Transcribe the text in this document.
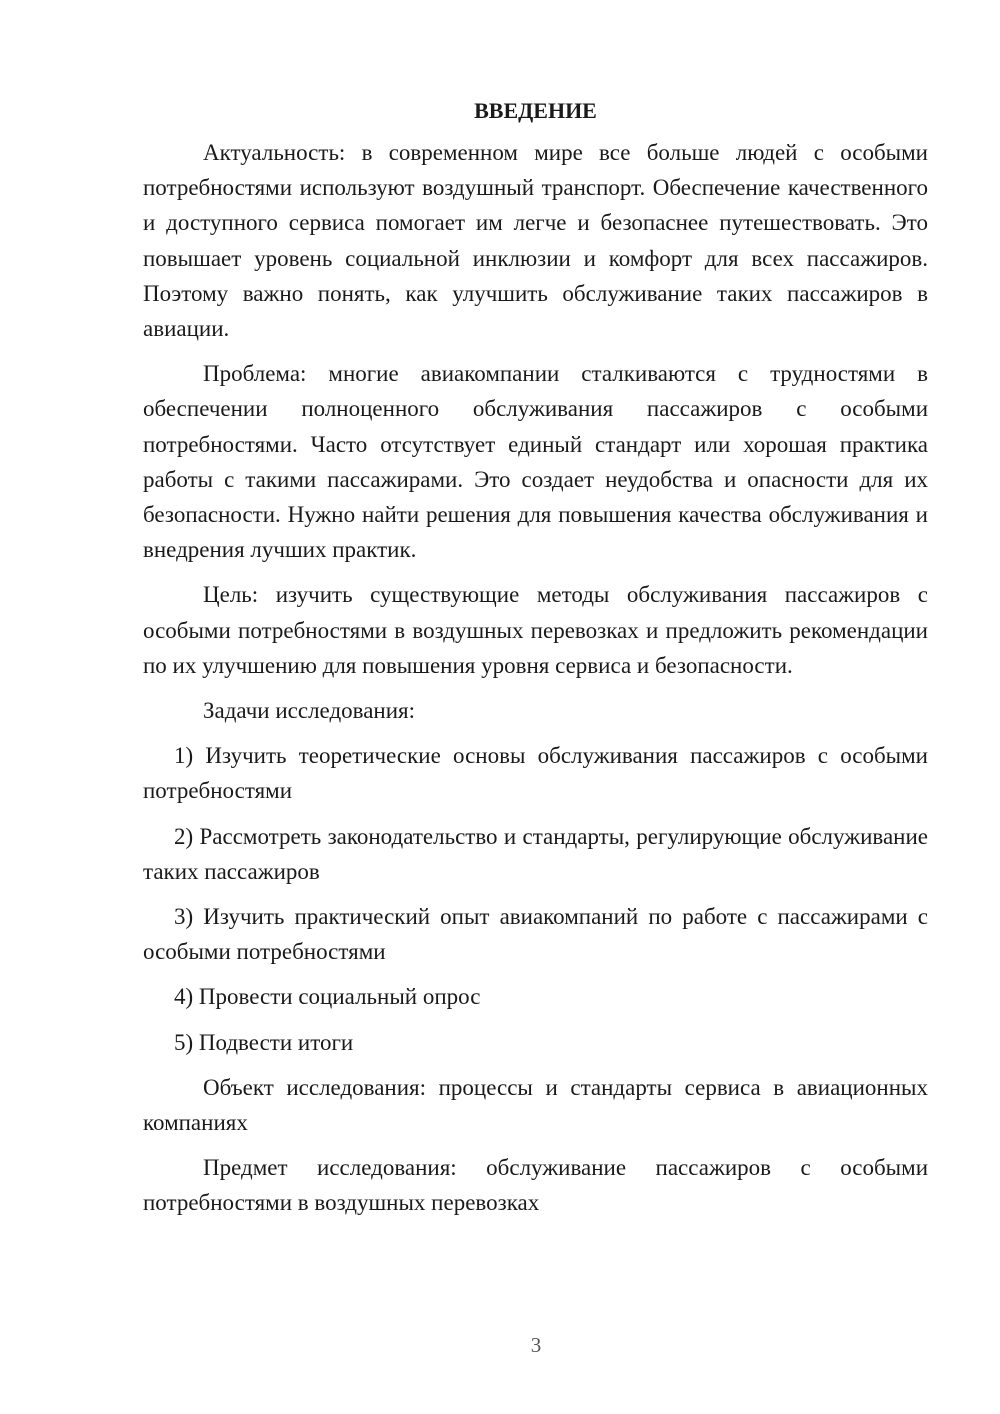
ВВЕДЕНИЕ

Актуальность: в современном мире все больше людей с особыми потребностями используют воздушный транспорт. Обеспечение качественного и доступного сервиса помогает им легче и безопаснее путешествовать. Это повышает уровень социальной инклюзии и комфорт для всех пассажиров. Поэтому важно понять, как улучшить обслуживание таких пассажиров в авиации.

Проблема: многие авиакомпании сталкиваются с трудностями в обеспечении полноценного обслуживания пассажиров с особыми потребностями. Часто отсутствует единый стандарт или хорошая практика работы с такими пассажирами. Это создает неудобства и опасности для их безопасности. Нужно найти решения для повышения качества обслуживания и внедрения лучших практик.

Цель: изучить существующие методы обслуживания пассажиров с особыми потребностями в воздушных перевозках и предложить рекомендации по их улучшению для повышения уровня сервиса и безопасности.

Задачи исследования:

1) Изучить теоретические основы обслуживания пассажиров с особыми потребностями

2) Рассмотреть законодательство и стандарты, регулирующие обслуживание таких пассажиров

3) Изучить практический опыт авиакомпаний по работе с пассажирами с особыми потребностями

4) Провести социальный опрос

5) Подвести итоги

Объект исследования: процессы и стандарты сервиса в авиационных компаниях

Предмет исследования: обслуживание пассажиров с особыми потребностями в воздушных перевозках

3
